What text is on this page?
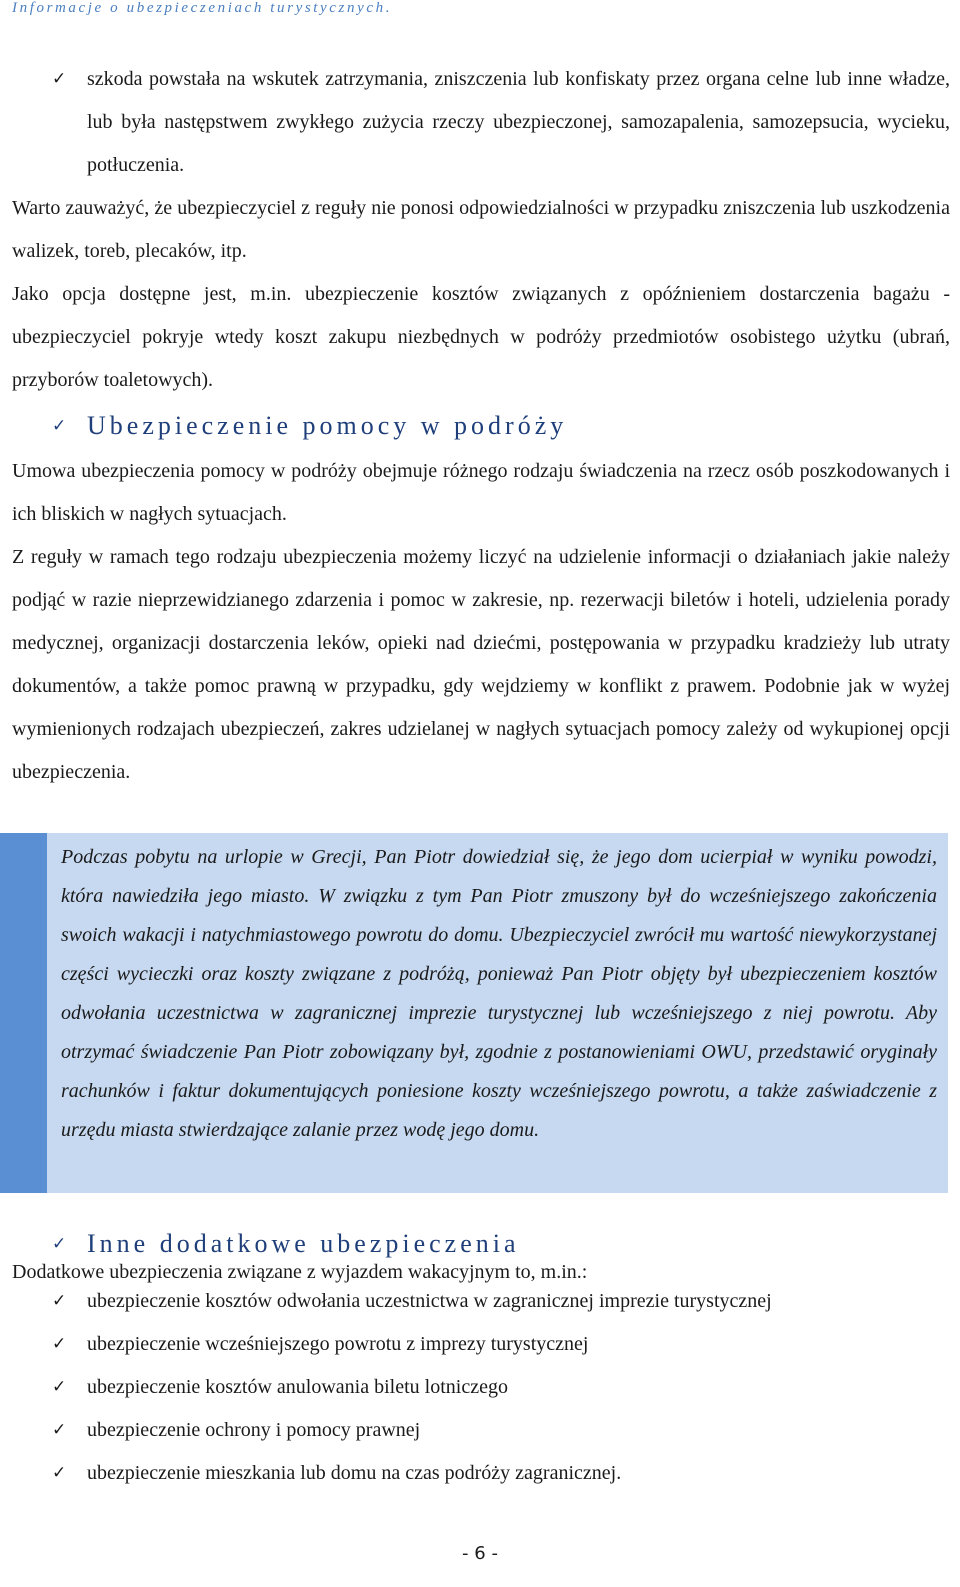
Informacje o ubezpieczeniach turystycznych.
✓ szkoda powstała na wskutek zatrzymania, zniszczenia lub konfiskaty przez organa celne lub inne władze, lub była następstwem zwykłego zużycia rzeczy ubezpieczonej, samozapalenia, samozepsucia, wycieku, potłuczenia.

Warto zauważyć, że ubezpieczyciel z reguły nie ponosi odpowiedzialności w przypadku zniszczenia lub uszkodzenia walizek, toreb, plecaków, itp.

Jako opcja dostępne jest, m.in. ubezpieczenie kosztów związanych z opóźnieniem dostarczenia bagażu - ubezpieczyciel pokryje wtedy koszt zakupu niezbędnych w podróży przedmiotów osobistego użytku (ubrań, przyborów toaletowych).

✓ Ubezpieczenie pomocy w podróży

Umowa ubezpieczenia pomocy w podróży obejmuje różnego rodzaju świadczenia na rzecz osób poszkodowanych i ich bliskich w nagłych sytuacjach.

Z reguły w ramach tego rodzaju ubezpieczenia możemy liczyć na udzielenie informacji o działaniach jakie należy podjąć w razie nieprzewidzianego zdarzenia i pomoc w zakresie, np. rezerwacji biletów i hoteli, udzielenia porady medycznej, organizacji dostarczenia leków, opieki nad dziećmi, postępowania w przypadku kradzieży lub utraty dokumentów, a także pomoc prawną w przypadku, gdy wejdziemy w konflikt z prawem. Podobnie jak w wyżej wymienionych rodzajach ubezpieczeń, zakres udzielanej w nagłych sytuacjach pomocy zależy od wykupionej opcji ubezpieczenia.

Podczas pobytu na urlopie w Grecji, Pan Piotr dowiedział się, że jego dom ucierpiał w wyniku powodzi, która nawiedziła jego miasto. W związku z tym Pan Piotr zmuszony był do wcześniejszego zakończenia swoich wakacji i natychmiastowego powrotu do domu. Ubezpieczyciel zwrócił mu wartość niewykorzystanej części wycieczki oraz koszty związane z podróżą, ponieważ Pan Piotr objęty był ubezpieczeniem kosztów odwołania uczestnictwa w zagranicznej imprezie turystycznej lub wcześniejszego z niej powrotu. Aby otrzymać świadczenie Pan Piotr zobowiązany był, zgodnie z postanowieniami OWU, przedstawić oryginały rachunków i faktur dokumentujących poniesione koszty wcześniejszego powrotu, a także zaświadczenie z urzędu miasta stwierdzające zalanie przez wodę jego domu.
✓ Inne dodatkowe ubezpieczenia
Dodatkowe ubezpieczenia związane z wyjazdem wakacyjnym to, m.in.:
✓ ubezpieczenie kosztów odwołania uczestnictwa w zagranicznej imprezie turystycznej

✓ ubezpieczenie wcześniejszego powrotu z imprezy turystycznej

✓ ubezpieczenie kosztów anulowania biletu lotniczego

✓ ubezpieczenie ochrony i pomocy prawnej

✓ ubezpieczenie mieszkania lub domu na czas podróży zagranicznej.

- 6 -
